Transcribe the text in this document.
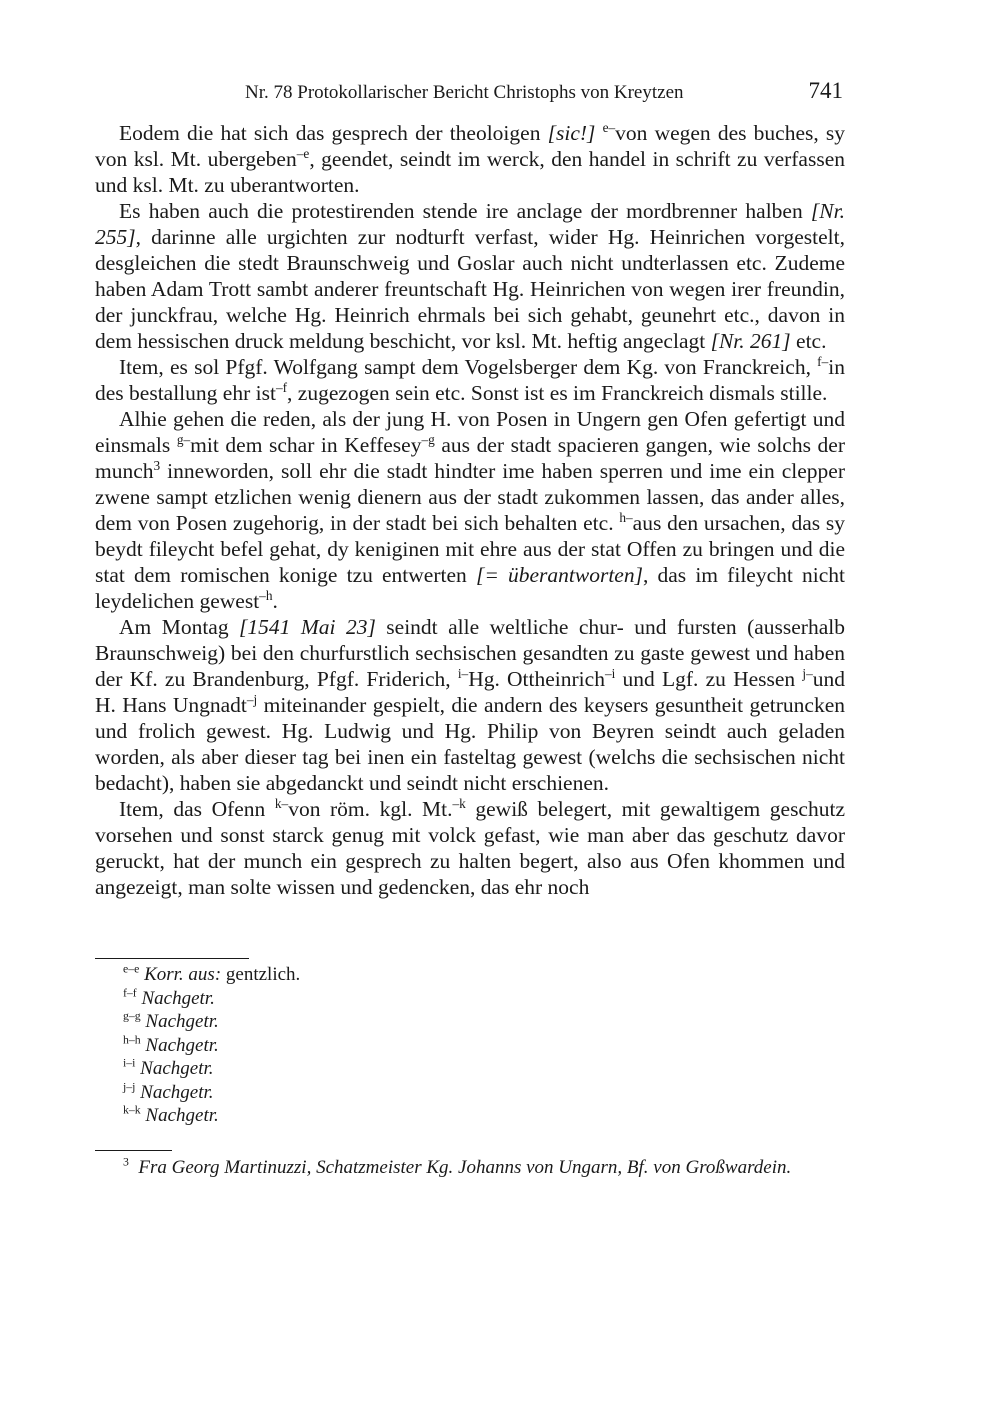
Nr. 78 Protokollarischer Bericht Christophs von Kreytzen	741

Eodem die hat sich das gesprech der theoloigen [sic!] $^{e-}$von wegen des buches, sy von ksl. Mt. ubergeben$^{-e}$, geendet, seindt im werck, den handel in schrift zu verfassen und ksl. Mt. zu uberantworten.

Es haben auch die protestirenden stende ire anclage der mordbrenner halben [Nr. 255], darinne alle urgichten zur nodturft verfast, wider Hg. Heinrichen vorgestelt, desgleichen die stedt Braunschweig und Goslar auch nicht undterlassen etc. Zudeme haben Adam Trott sambt anderer freuntschaft Hg. Heinrichen von wegen irer freundin, der junckfrau, welche Hg. Heinrich ehrmals bei sich gehabt, geunehrt etc., davon in dem hessischen druck meldung beschicht, vor ksl. Mt. heftig angeclagt [Nr. 261] etc.

Item, es sol Pfgf. Wolfgang sampt dem Vogelsberger dem Kg. von Franckreich, $^{f-}$in des bestallung ehr ist$^{-f}$, zugezogen sein etc. Sonst ist es im Franckreich dismals stille.

Alhie gehen die reden, als der jung H. von Posen in Ungern gen Ofen gefertigt und einsmals $^{g-}$mit dem schar in Keffesey$^{-g}$ aus der stadt spacieren gangen, wie solchs der munch$^3$ inneworden, soll ehr die stadt hindter ime haben sperren und ime ein clepper zwene sampt etzlichen wenig dienern aus der stadt zukommen lassen, das ander alles, dem von Posen zugehorig, in der stadt bei sich behalten etc. $^{h-}$aus den ursachen, das sy beydt fileycht befel gehat, dy keniginen mit ehre aus der stat Offen zu bringen und die stat dem romischen konige tzu entwerten [= überantworten], das im fileycht nicht leydelichen gewest$^{-h}$.

Am Montag [1541 Mai 23] seindt alle weltliche chur- und fursten (ausserhalb Braunschweig) bei den churfurstlich sechsischen gesandten zu gaste gewest und haben der Kf. zu Brandenburg, Pfgf. Friderich, $^{i-}$Hg. Ottheinrich$^{-i}$ und Lgf. zu Hessen $^{j-}$und H. Hans Ungnadt$^{-j}$ miteinander gespielt, die andern des keysers gesuntheit getruncken und frolich gewest. Hg. Ludwig und Hg. Philip von Beyren seindt auch geladen worden, als aber dieser tag bei inen ein fasteltag gewest (welchs die sechsischen nicht bedacht), haben sie abgedanckt und seindt nicht erschienen.

Item, das Ofenn $^{k-}$von röm. kgl. Mt.$^{-k}$ gewiß belegert, mit gewaltigem geschutz vorsehen und sonst starck genug mit volck gefast, wie man aber das geschutz davor geruckt, hat der munch ein gesprech zu halten begert, also aus Ofen khommen und angezeigt, man solte wissen und gedencken, das ehr noch

$^{e-e}$ Korr. aus: gentzlich.
$^{f-f}$ Nachgetr.
$^{g-g}$ Nachgetr.
$^{h-h}$ Nachgetr.
$^{i-i}$ Nachgetr.
$^{j-j}$ Nachgetr.
$^{k-k}$ Nachgetr.
$^3$ Fra Georg Martinuzzi, Schatzmeister Kg. Johanns von Ungarn, Bf. von Großwardein.
